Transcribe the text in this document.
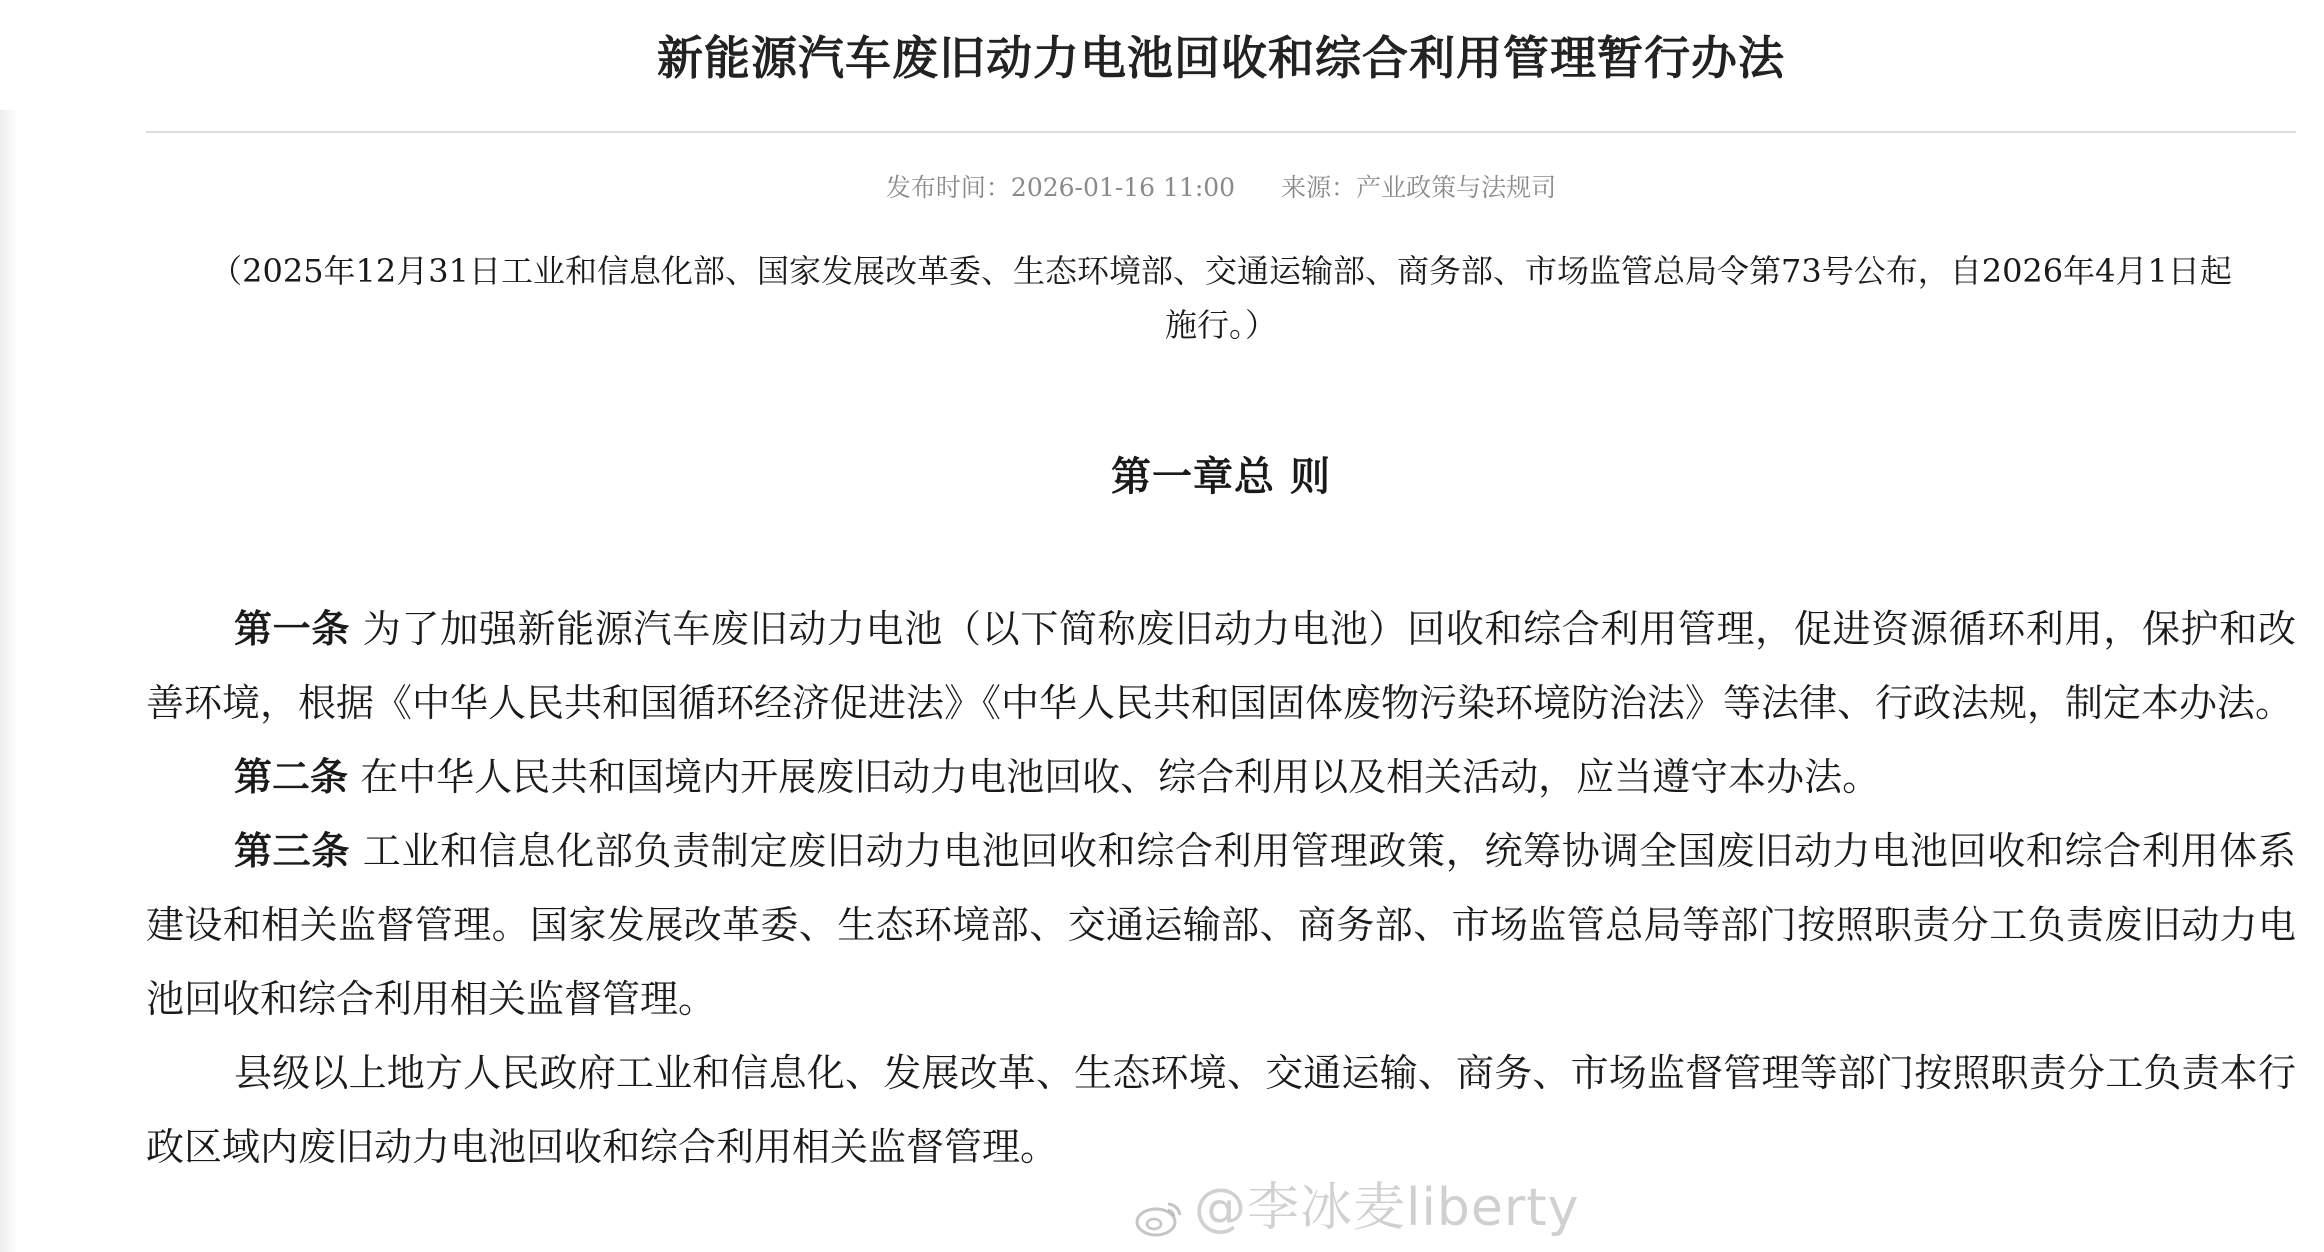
新能源汽车废旧动力电池回收和综合利用管理暂行办法
发布时间：2026-01-16 11:00 来源：产业政策与法规司
（2025年12月31日工业和信息化部、国家发展改革委、生态环境部、交通运输部、商务部、市场监管总局令第73号公布，自2026年4月1日起施行。）
第一章总 则

第一条 为了加强新能源汽车废旧动力电池（以下简称废旧动力电池）回收和综合利用管理，促进资源循环利用，保护和改善环境，根据《中华人民共和国循环经济促进法》《中华人民共和国固体废物污染环境防治法》等法律、行政法规，制定本办法。

第二条 在中华人民共和国境内开展废旧动力电池回收、综合利用以及相关活动，应当遵守本办法。

第三条 工业和信息化部负责制定废旧动力电池回收和综合利用管理政策，统筹协调全国废旧动力电池回收和综合利用体系建设和相关监督管理。国家发展改革委、生态环境部、交通运输部、商务部、市场监管总局等部门按照职责分工负责废旧动力电池回收和综合利用相关监督管理。

县级以上地方人民政府工业和信息化、发展改革、生态环境、交通运输、商务、市场监督管理等部门按照职责分工负责本行政区域内废旧动力电池回收和综合利用相关监督管理。

@李冰麦liberty
